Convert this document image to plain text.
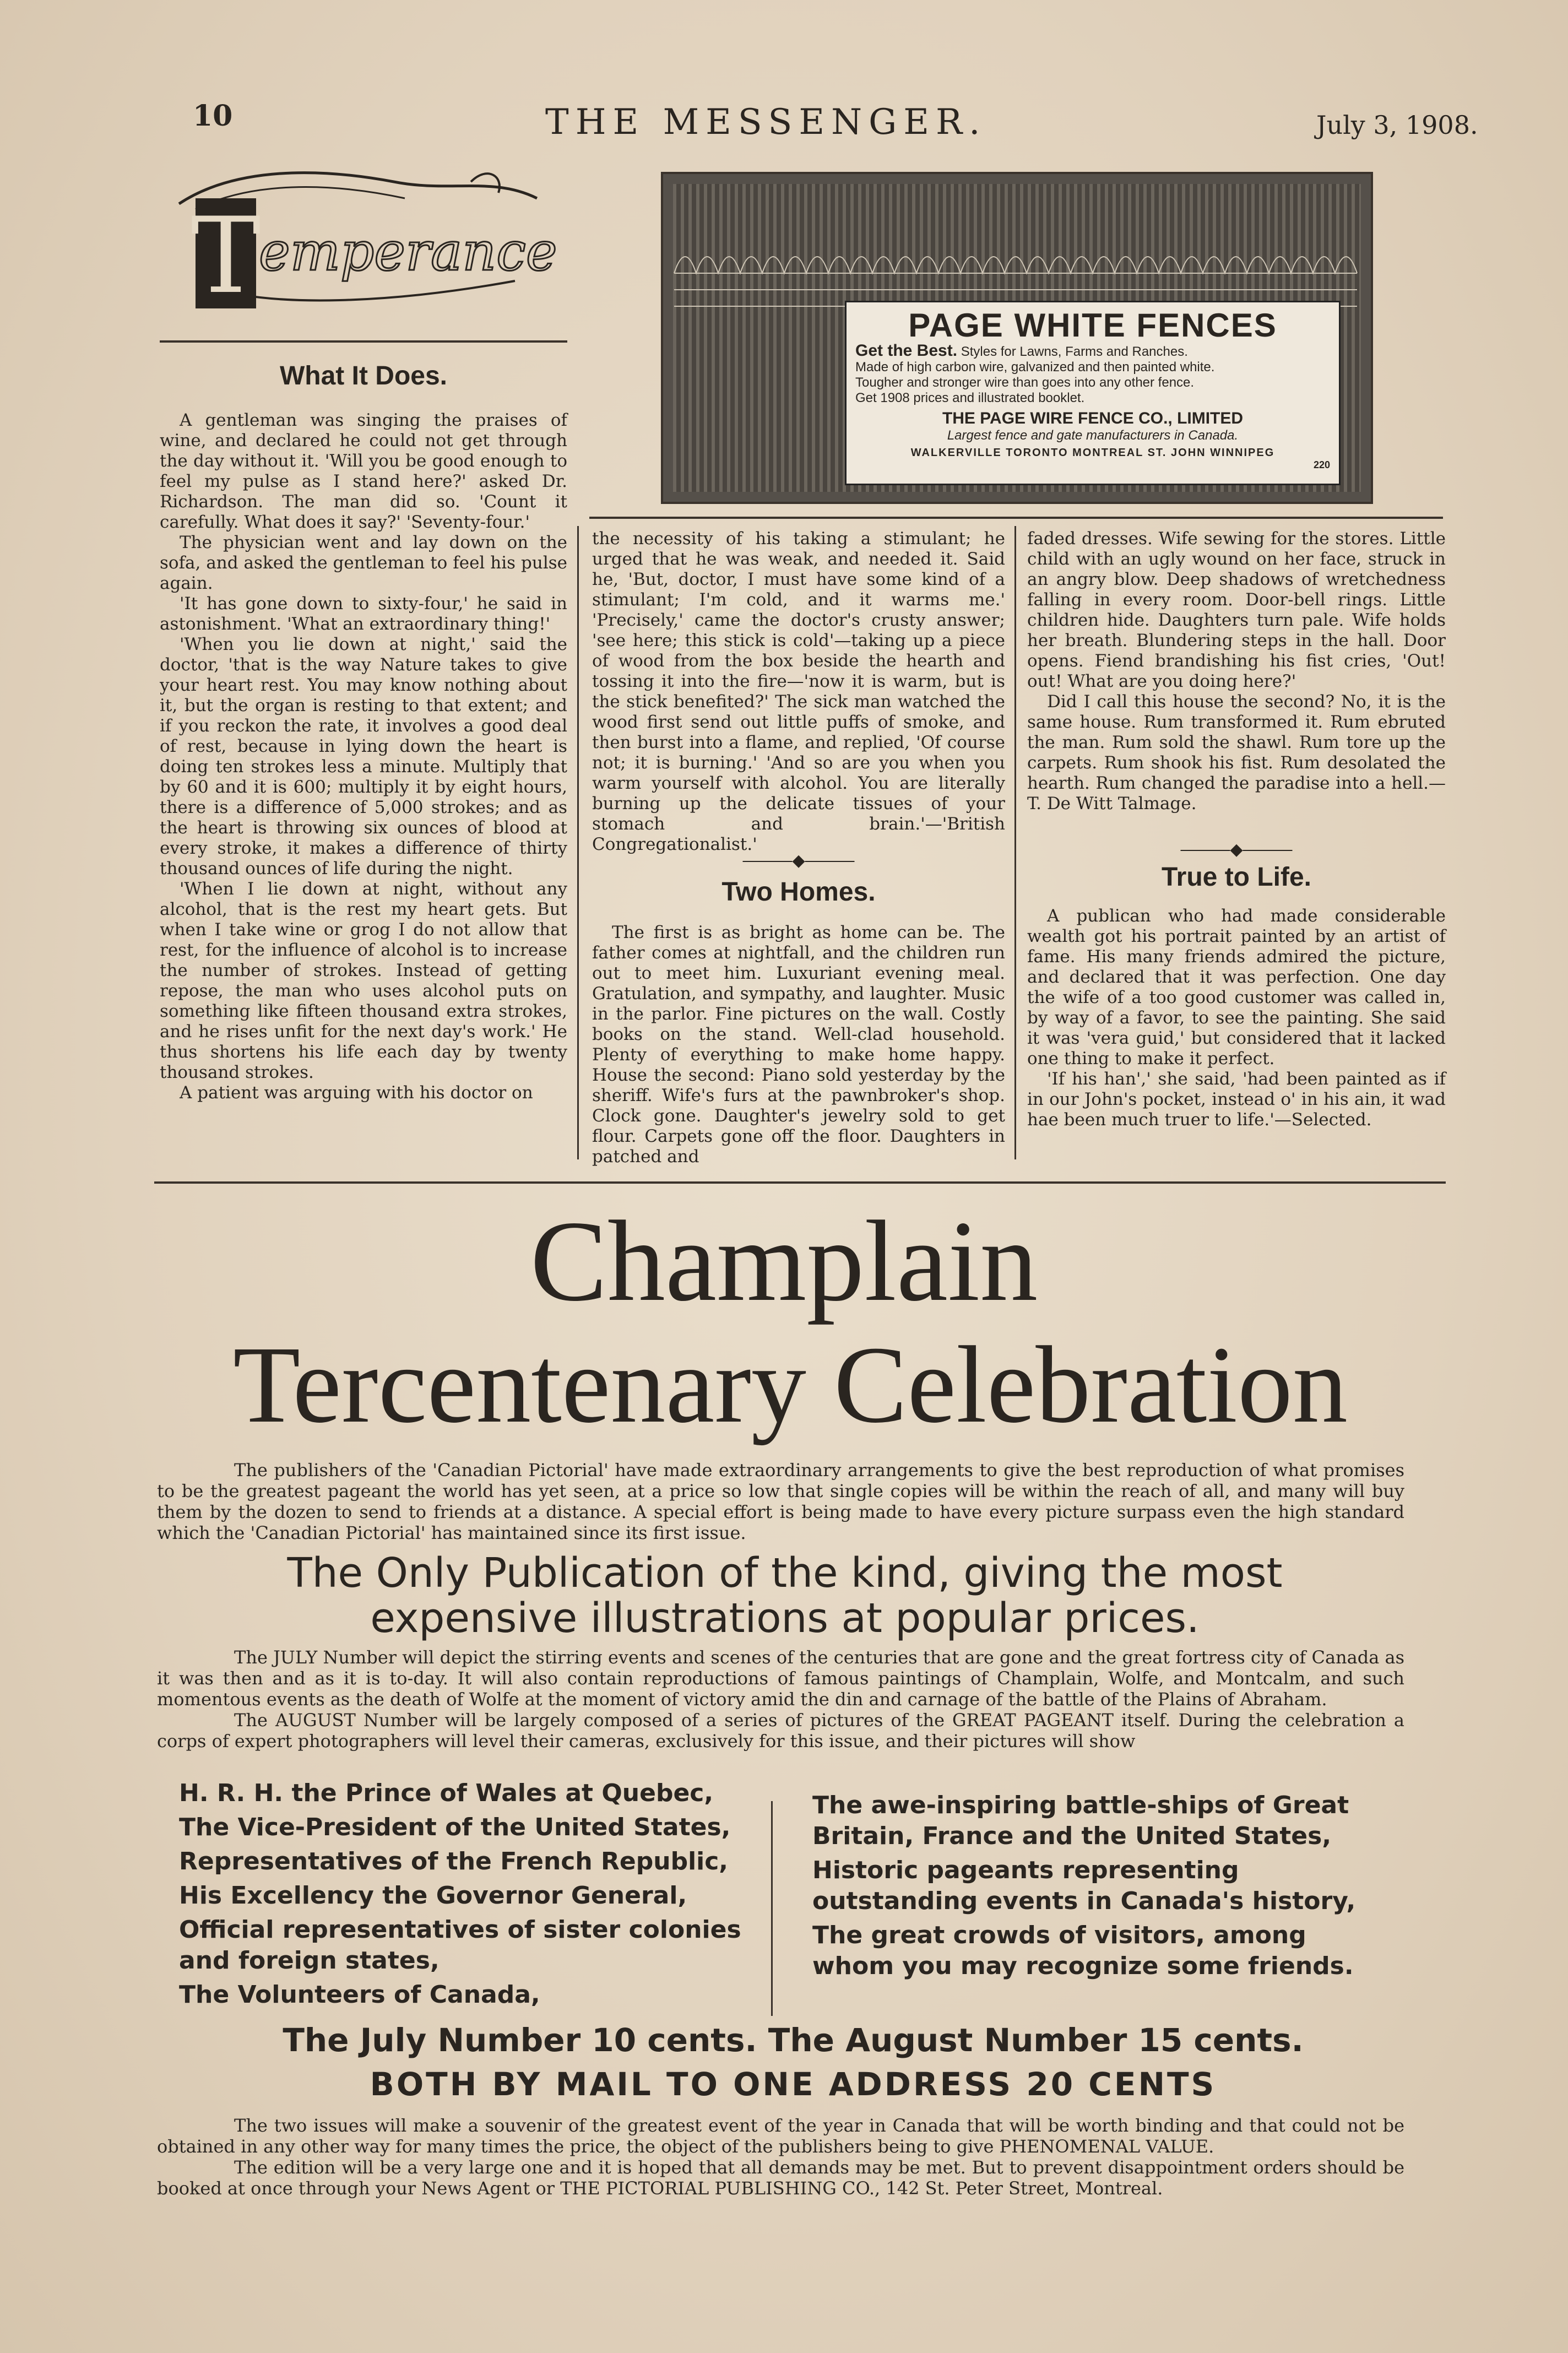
10	THE MESSENGER.	July 3, 1908.
T
emperance
What It Does.

A gentleman was singing the praises of wine, and declared he could not get through the day without it. 'Will you be good enough to feel my pulse as I stand here?' asked Dr. Richardson. The man did so. 'Count it carefully. What does it say?' 'Seventy-four.'

The physician went and lay down on the sofa, and asked the gentleman to feel his pulse again.

'It has gone down to sixty-four,' he said in astonishment. 'What an extraordinary thing!'

'When you lie down at night,' said the doctor, 'that is the way Nature takes to give your heart rest. You may know nothing about it, but the organ is resting to that extent; and if you reckon the rate, it involves a good deal of rest, because in lying down the heart is doing ten strokes less a minute. Multiply that by 60 and it is 600; multiply it by eight hours, there is a difference of 5,000 strokes; and as the heart is throwing six ounces of blood at every stroke, it makes a difference of thirty thousand ounces of life during the night.

'When I lie down at night, without any alcohol, that is the rest my heart gets. But when I take wine or grog I do not allow that rest, for the influence of alcohol is to increase the number of strokes. Instead of getting repose, the man who uses alcohol puts on something like fifteen thousand extra strokes, and he rises unfit for the next day's work.' He thus shortens his life each day by twenty thousand strokes.

A patient was arguing with his doctor on

PAGE WHITE FENCES
Get the Best. Styles for Lawns, Farms and Ranches.
Made of high carbon wire, galvanized and then painted white.
Tougher and stronger wire than goes into any other fence.
Get 1908 prices and illustrated booklet.
THE PAGE WIRE FENCE CO., LIMITED
Largest fence and gate manufacturers in Canada.
WALKERVILLE TORONTO MONTREAL ST. JOHN WINNIPEG
220

the necessity of his taking a stimulant; he urged that he was weak, and needed it. Said he, 'But, doctor, I must have some kind of a stimulant; I'm cold, and it warms me.' 'Precisely,' came the doctor's crusty answer; 'see here; this stick is cold'—taking up a piece of wood from the box beside the hearth and tossing it into the fire—'now it is warm, but is the stick benefited?' The sick man watched the wood first send out little puffs of smoke, and then burst into a flame, and replied, 'Of course not; it is burning.' 'And so are you when you warm yourself with alcohol. You are literally burning up the delicate tissues of your stomach and brain.'—'British Congregationalist.'

―――◆―――
Two Homes.

The first is as bright as home can be. The father comes at nightfall, and the children run out to meet him. Luxuriant evening meal. Gratulation, and sympathy, and laughter. Music in the parlor. Fine pictures on the wall. Costly books on the stand. Well-clad household. Plenty of everything to make home happy. House the second: Piano sold yesterday by the sheriff. Wife's furs at the pawnbroker's shop. Clock gone. Daughter's jewelry sold to get flour. Carpets gone off the floor. Daughters in patched and

faded dresses. Wife sewing for the stores. Little child with an ugly wound on her face, struck in an angry blow. Deep shadows of wretchedness falling in every room. Door-bell rings. Little children hide. Daughters turn pale. Wife holds her breath. Blundering steps in the hall. Door opens. Fiend brandishing his fist cries, 'Out! out! What are you doing here?'

Did I call this house the second? No, it is the same house. Rum transformed it. Rum ebruted the man. Rum sold the shawl. Rum tore up the carpets. Rum shook his fist. Rum desolated the hearth. Rum changed the paradise into a hell.—T. De Witt Talmage.

―――◆―――
True to Life.

A publican who had made considerable wealth got his portrait painted by an artist of fame. His many friends admired the picture, and declared that it was perfection. One day the wife of a too good customer was called in, by way of a favor, to see the painting. She said it was 'vera guid,' but considered that it lacked one thing to make it perfect.

'If his han',' she said, 'had been painted as if in our John's pocket, instead o' in his ain, it wad hae been much truer to life.'—Selected.

Champlain
Tercentenary Celebration

The publishers of the 'Canadian Pictorial' have made extraordinary arrangements to give the best reproduction of what promises to be the greatest pageant the world has yet seen, at a price so low that single copies will be within the reach of all, and many will buy them by the dozen to send to friends at a distance. A special effort is being made to have every picture surpass even the high standard which the 'Canadian Pictorial' has maintained since its first issue.

The Only Publication of the kind, giving the most expensive illustrations at popular prices.

The JULY Number will depict the stirring events and scenes of the centuries that are gone and the great fortress city of Canada as it was then and as it is to-day. It will also contain reproductions of famous paintings of Champlain, Wolfe, and Montcalm, and such momentous events as the death of Wolfe at the moment of victory amid the din and carnage of the battle of the Plains of Abraham.

The AUGUST Number will be largely composed of a series of pictures of the GREAT PAGEANT itself. During the celebration a corps of expert photographers will level their cameras, exclusively for this issue, and their pictures will show

H. R. H. the Prince of Wales at Quebec,
The Vice-President of the United States,
Representatives of the French Republic,
His Excellency the Governor General,
Official representatives of sister colonies and foreign states,
The Volunteers of Canada,
The awe-inspiring battle-ships of Great Britain, France and the United States,
Historic pageants representing outstanding events in Canada's history,
The great crowds of visitors, among whom you may recognize some friends.
The July Number 10 cents. The August Number 15 cents.
BOTH BY MAIL TO ONE ADDRESS 20 CENTS

The two issues will make a souvenir of the greatest event of the year in Canada that will be worth binding and that could not be obtained in any other way for many times the price, the object of the publishers being to give PHENOMENAL VALUE.

The edition will be a very large one and it is hoped that all demands may be met. But to prevent disappointment orders should be booked at once through your News Agent or THE PICTORIAL PUBLISHING CO., 142 St. Peter Street, Montreal.
